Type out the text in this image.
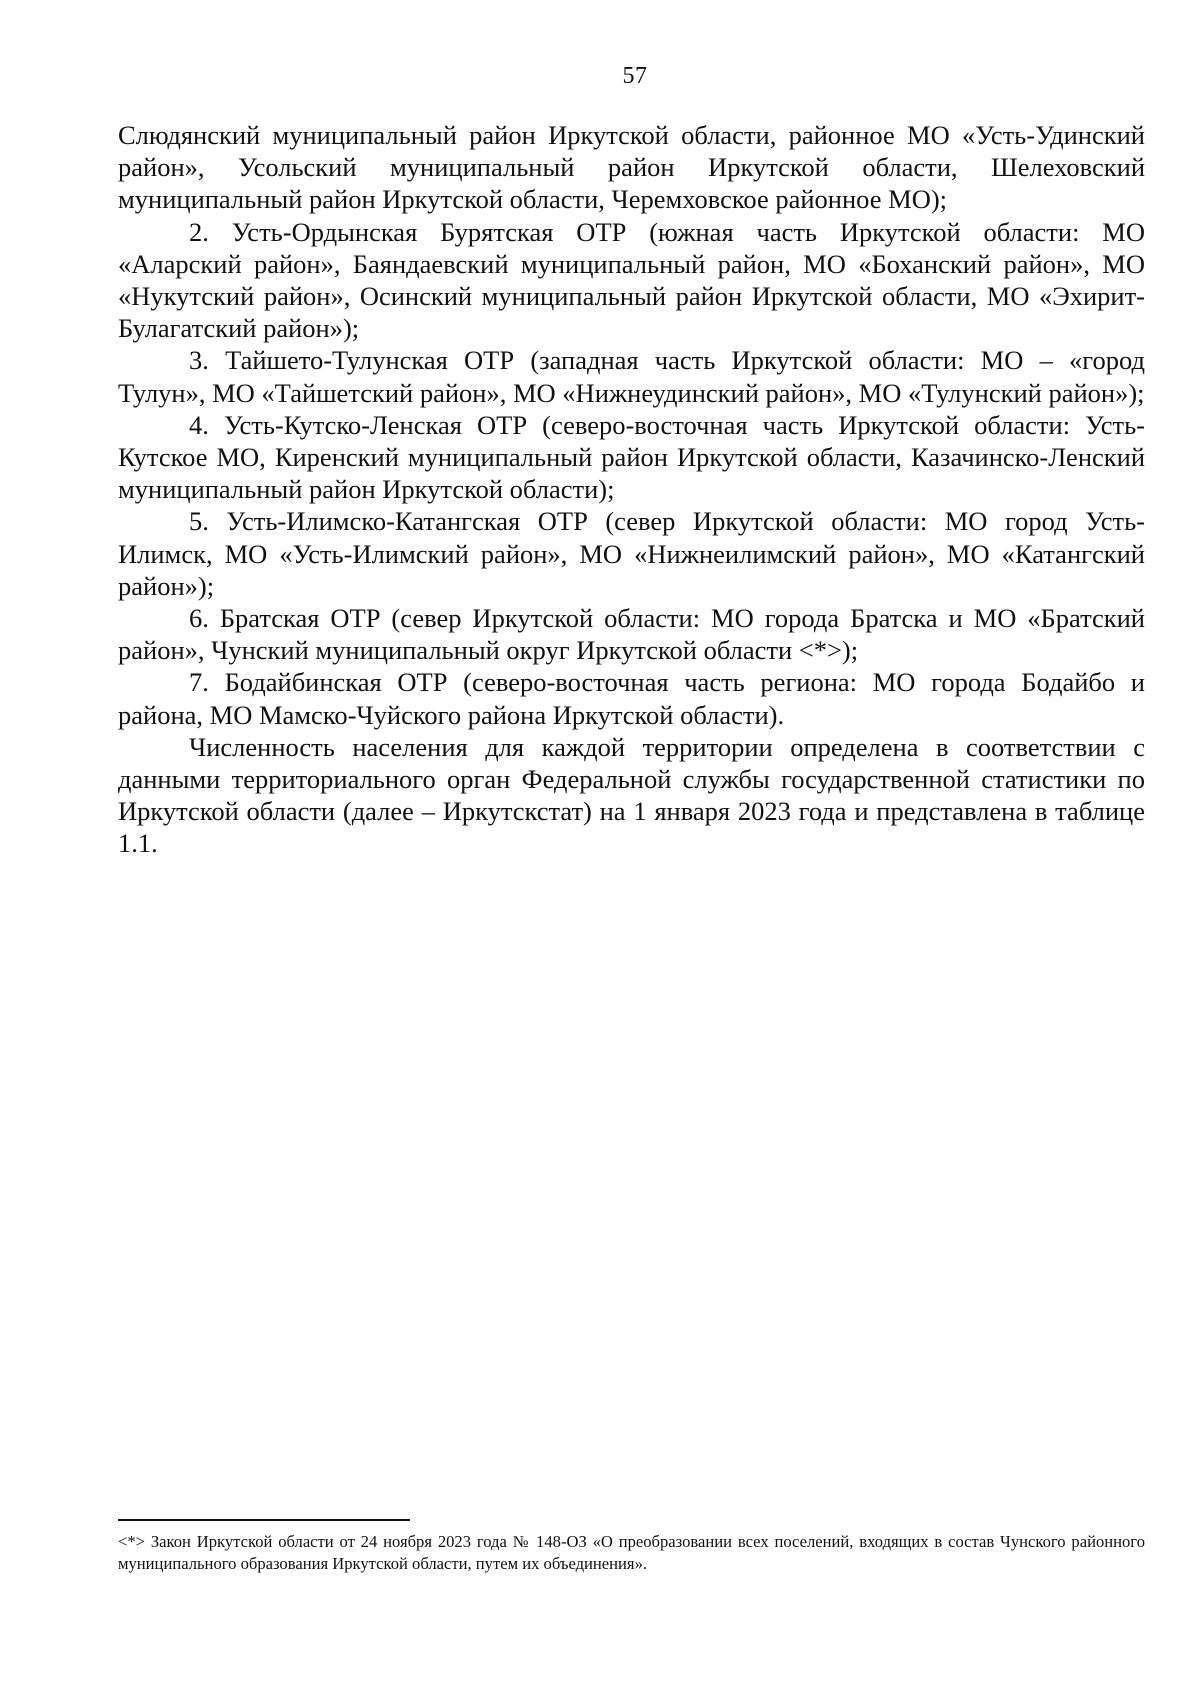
57

Слюдянский муниципальный район Иркутской области, районное МО «Усть-Удинский район», Усольский муниципальный район Иркутской области, Шелеховский муниципальный район Иркутской области, Черемховское районное МО);

2. Усть-Ордынская Бурятская ОТР (южная часть Иркутской области: МО «Аларский район», Баяндаевский муниципальный район, МО «Боханский район», МО «Нукутский район», Осинский муниципальный район Иркутской области, МО «Эхирит-Булагатский район»);

3. Тайшето-Тулунская ОТР (западная часть Иркутской области: МО – «город Тулун», МО «Тайшетский район», МО «Нижнеудинский район», МО «Тулунский район»);

4. Усть-Кутско-Ленская ОТР (северо-восточная часть Иркутской области: Усть-Кутское МО, Киренский муниципальный район Иркутской области, Казачинско-Ленский муниципальный район Иркутской области);

5. Усть-Илимско-Катангская ОТР (север Иркутской области: МО город Усть-Илимск, МО «Усть-Илимский район», МО «Нижнеилимский район», МО «Катангский район»);

6. Братская ОТР (север Иркутской области: МО города Братска и МО «Братский район», Чунский муниципальный округ Иркутской области <*>);

7. Бодайбинская ОТР (северо-восточная часть региона: МО города Бодайбо и района, МО Мамско-Чуйского района Иркутской области).

Численность населения для каждой территории определена в соответствии с данными территориального орган Федеральной службы государственной статистики по Иркутской области (далее – Иркутскстат) на 1 января 2023 года и представлена в таблице 1.1.

<*> Закон Иркутской области от 24 ноября 2023 года № 148-ОЗ «О преобразовании всех поселений, входящих в состав Чунского районного муниципального образования Иркутской области, путем их объединения».
